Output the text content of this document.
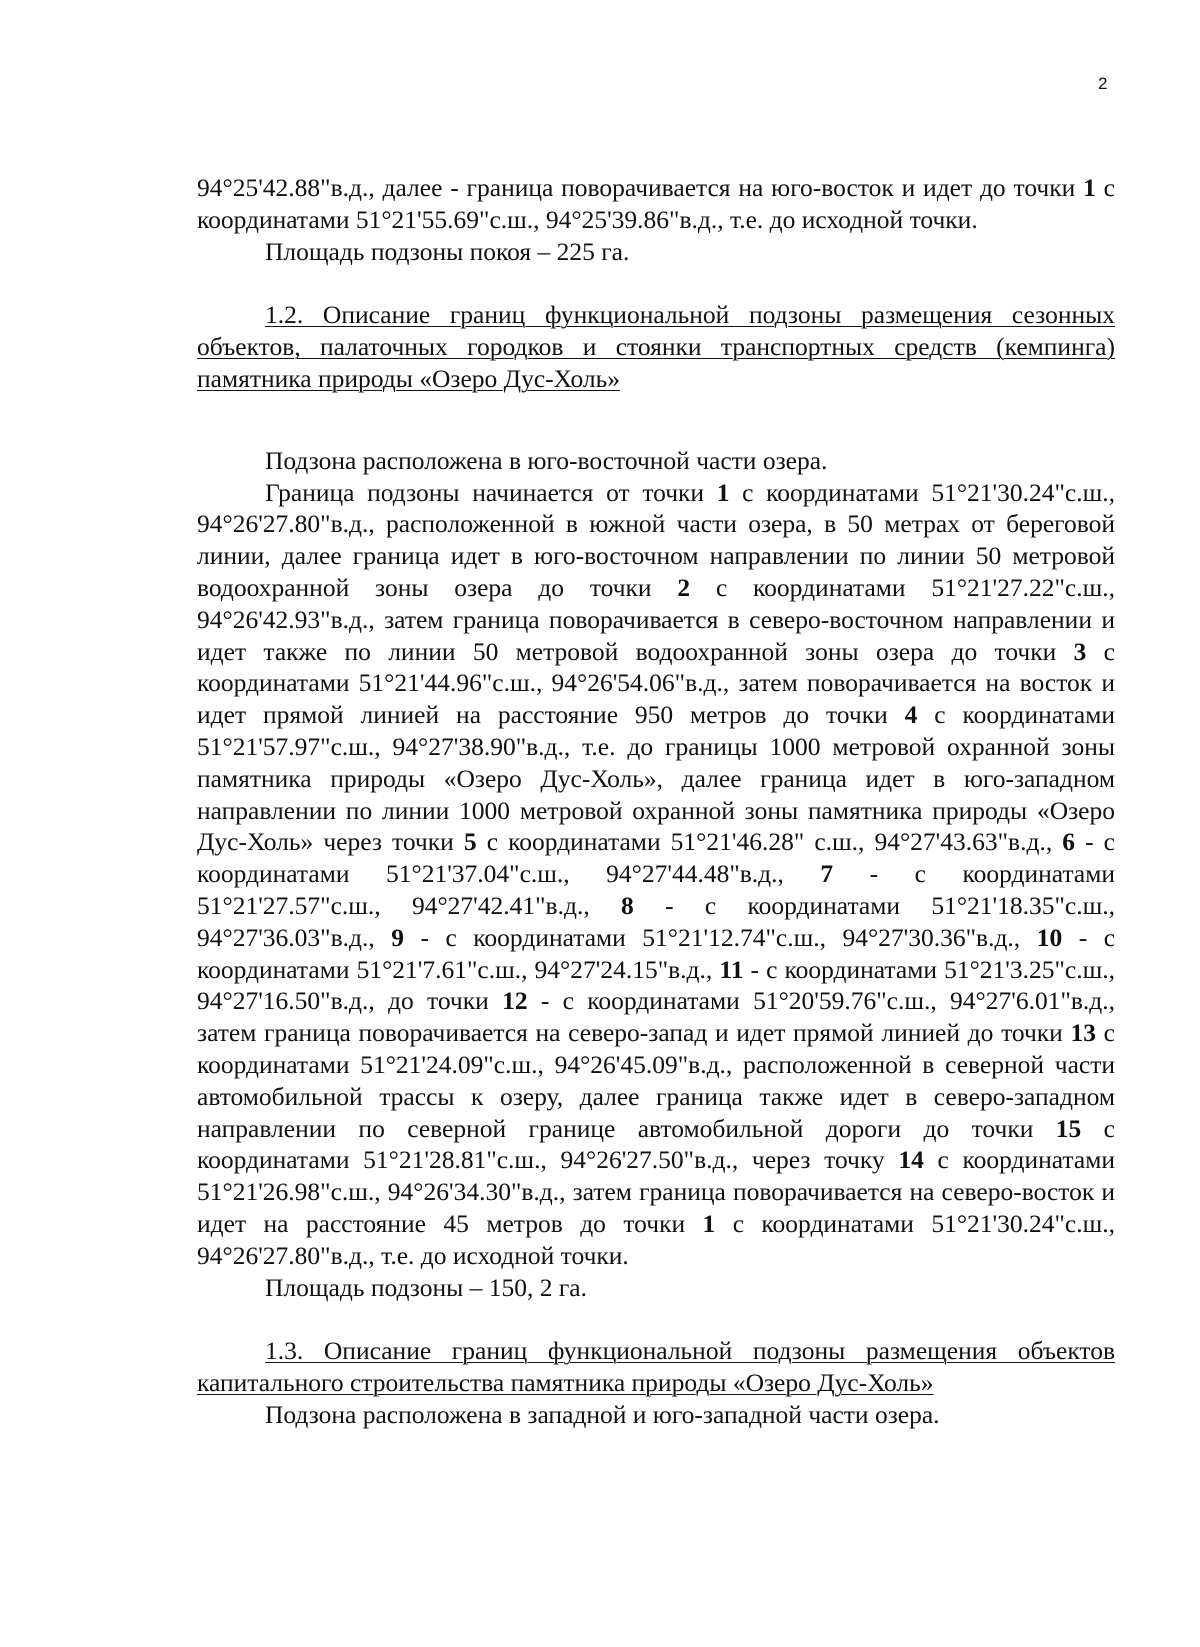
2

94°25'42.88"в.д., далее - граница поворачивается на юго-восток и идет до точки 1 с координатами 51°21'55.69"с.ш., 94°25'39.86"в.д., т.е. до исходной точки.

Площадь подзоны покоя – 225 га.

1.2. Описание границ функциональной подзоны размещения сезонных объектов, палаточных городков и стоянки транспортных средств (кемпинга) памятника природы «Озеро Дус-Холь»

Подзона расположена в юго-восточной части озера.

Граница подзоны начинается от точки 1 с координатами 51°21'30.24"с.ш., 94°26'27.80"в.д., расположенной в южной части озера, в 50 метрах от береговой линии, далее граница идет в юго-восточном направлении по линии 50 метровой водоохранной зоны озера до точки 2 с координатами 51°21'27.22"с.ш., 94°26'42.93"в.д., затем граница поворачивается в северо-восточном направлении и идет также по линии 50 метровой водоохранной зоны озера до точки 3 с координатами 51°21'44.96"с.ш., 94°26'54.06"в.д., затем поворачивается на восток и идет прямой линией на расстояние 950 метров до точки 4 с координатами 51°21'57.97"с.ш., 94°27'38.90"в.д., т.е. до границы 1000 метровой охранной зоны памятника природы «Озеро Дус-Холь», далее граница идет в юго-западном направлении по линии 1000 метровой охранной зоны памятника природы «Озеро Дус-Холь» через точки 5 с координатами 51°21'46.28" с.ш., 94°27'43.63"в.д., 6 - с координатами 51°21'37.04"с.ш., 94°27'44.48"в.д., 7 - с координатами 51°21'27.57"с.ш., 94°27'42.41"в.д., 8 - с координатами 51°21'18.35"с.ш., 94°27'36.03"в.д., 9 - с координатами 51°21'12.74"с.ш., 94°27'30.36"в.д., 10 - с координатами 51°21'7.61"с.ш., 94°27'24.15"в.д., 11 - с координатами 51°21'3.25"с.ш., 94°27'16.50"в.д., до точки 12 - с координатами 51°20'59.76"с.ш., 94°27'6.01"в.д., затем граница поворачивается на северо-запад и идет прямой линией до точки 13 с координатами 51°21'24.09"с.ш., 94°26'45.09"в.д., расположенной в северной части автомобильной трассы к озеру, далее граница также идет в северо-западном направлении по северной границе автомобильной дороги до точки 15 с координатами 51°21'28.81"с.ш., 94°26'27.50"в.д., через точку 14 с координатами 51°21'26.98"с.ш., 94°26'34.30"в.д., затем граница поворачивается на северо-восток и идет на расстояние 45 метров до точки 1 с координатами 51°21'30.24"с.ш., 94°26'27.80"в.д., т.е. до исходной точки.

Площадь подзоны – 150, 2 га.

1.3. Описание границ функциональной подзоны размещения объектов капитального строительства памятника природы «Озеро Дус-Холь»

Подзона расположена в западной и юго-западной части озера.
